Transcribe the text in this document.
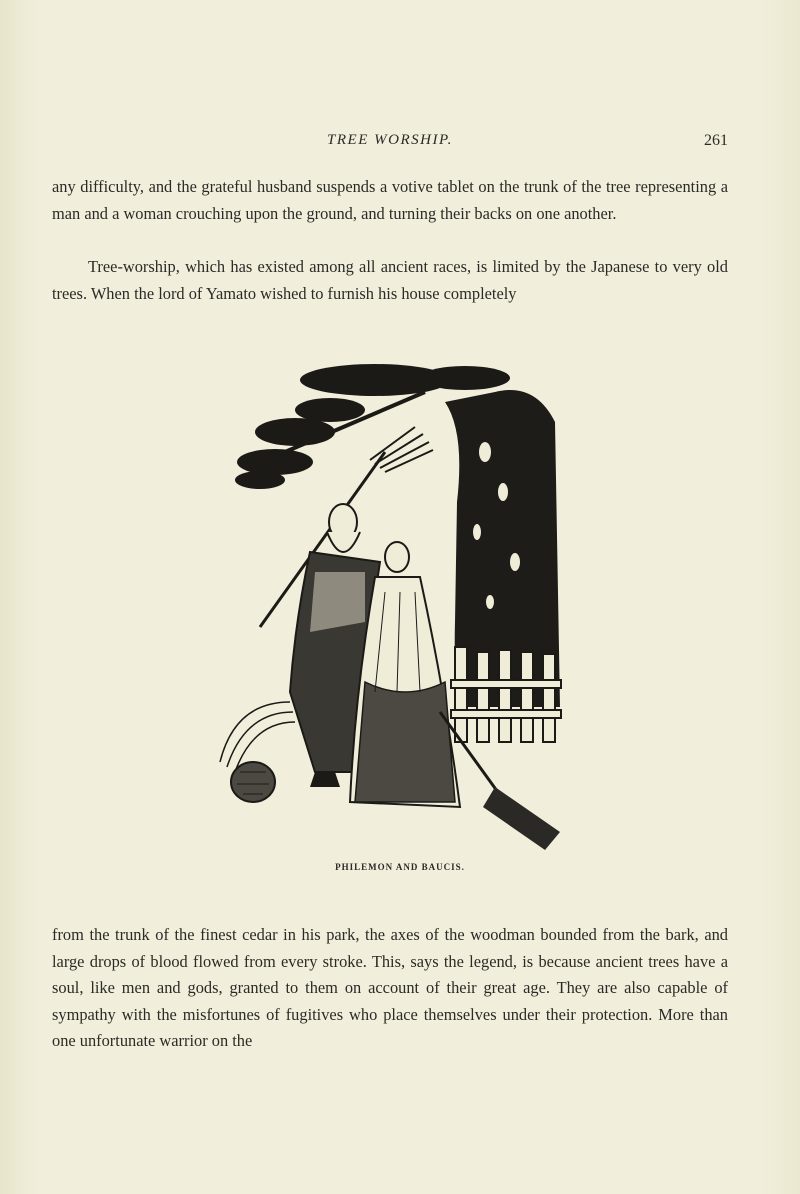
TREE WORSHIP.	261

any difficulty, and the grateful husband suspends a votive tablet on the trunk of the tree representing a man and a woman crouching upon the ground, and turning their backs on one another.

Tree-worship, which has existed among all ancient races, is limited by the Japanese to very old trees. When the lord of Yamato wished to furnish his house completely

PHILEMON AND BAUCIS.

from the trunk of the finest cedar in his park, the axes of the woodman bounded from the bark, and large drops of blood flowed from every stroke. This, says the legend, is because ancient trees have a soul, like men and gods, granted to them on account of their great age. They are also capable of sympathy with the misfortunes of fugitives who place themselves under their protection. More than one unfortunate warrior on the
